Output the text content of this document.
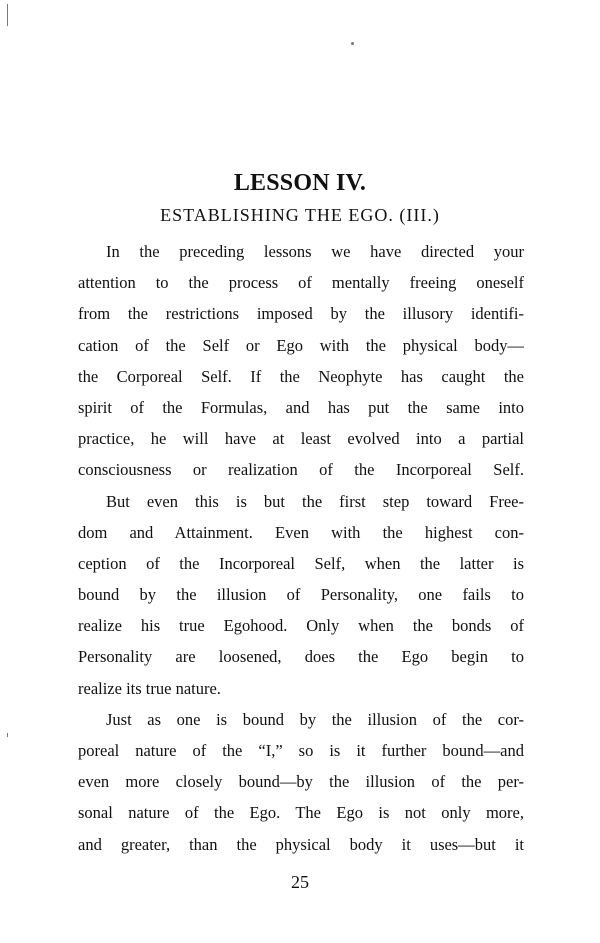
LESSON IV.
ESTABLISHING THE EGO. (III.)
In the preceding lessons we have directed your
attention to the process of mentally freeing oneself
from the restrictions imposed by the illusory identifi-
cation of the Self or Ego with the physical body—
the Corporeal Self. If the Neophyte has caught the
spirit of the Formulas, and has put the same into
practice, he will have at least evolved into a partial
consciousness or realization of the Incorporeal Self.
But even this is but the first step toward Free-
dom and Attainment. Even with the highest con-
ception of the Incorporeal Self, when the latter is
bound by the illusion of Personality, one fails to
realize his true Egohood. Only when the bonds of
Personality are loosened, does the Ego begin to
realize its true nature.
Just as one is bound by the illusion of the cor-
poreal nature of the “I,” so is it further bound—and
even more closely bound—by the illusion of the per-
sonal nature of the Ego. The Ego is not only more,
and greater, than the physical body it uses—but it
25
